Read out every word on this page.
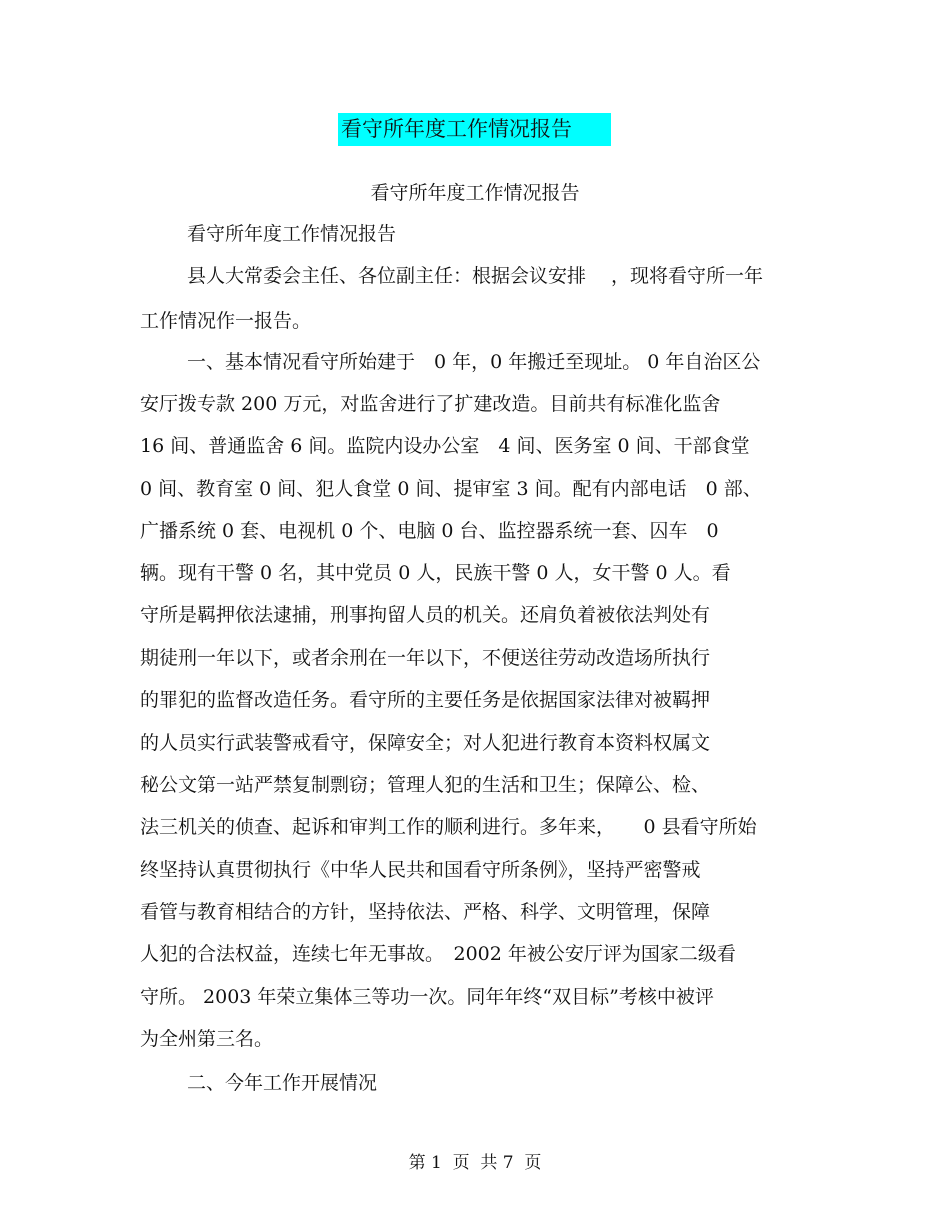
看守所年度工作情况报告
看守所年度工作情况报告
看守所年度工作情况报告
县人大常委会主任、各位副主任：根据会议安排　 ，现将看守所一年
工作情况作一报告。
一、基本情况看守所始建于　0 年，0 年搬迁至现址。 0 年自治区公
安厅拨专款 200 万元，对监舍进行了扩建改造。目前共有标准化监舍
16 间、普通监舍 6 间。监院内设办公室　4 间、医务室 0 间、干部食堂
0 间、教育室 0 间、犯人食堂 0 间、提审室 3 间。配有内部电话　0 部、
广播系统 0 套、电视机 0 个、电脑 0 台、监控器系统一套、囚车　0
辆。现有干警 0 名，其中党员 0 人，民族干警 0 人，女干警 0 人。看
守所是羁押依法逮捕，刑事拘留人员的机关。还肩负着被依法判处有
期徒刑一年以下，或者余刑在一年以下，不便送往劳动改造场所执行
的罪犯的监督改造任务。看守所的主要任务是依据国家法律对被羁押
的人员实行武装警戒看守，保障安全；对人犯进行教育本资料权属文
秘公文第一站严禁复制剽窃；管理人犯的生活和卫生；保障公、检、
法三机关的侦查、起诉和审判工作的顺利进行。多年来，　　0 县看守所始
终坚持认真贯彻执行《中华人民共和国看守所条例》，坚持严密警戒
看管与教育相结合的方针，坚持依法、严格、科学、文明管理，保障
人犯的合法权益，连续七年无事故。　2002 年被公安厅评为国家二级看
守所。 2003 年荣立集体三等功一次。同年年终“双目标”考核中被评
为全州第三名。
二、今年工作开展情况
第 1  页  共 7  页
